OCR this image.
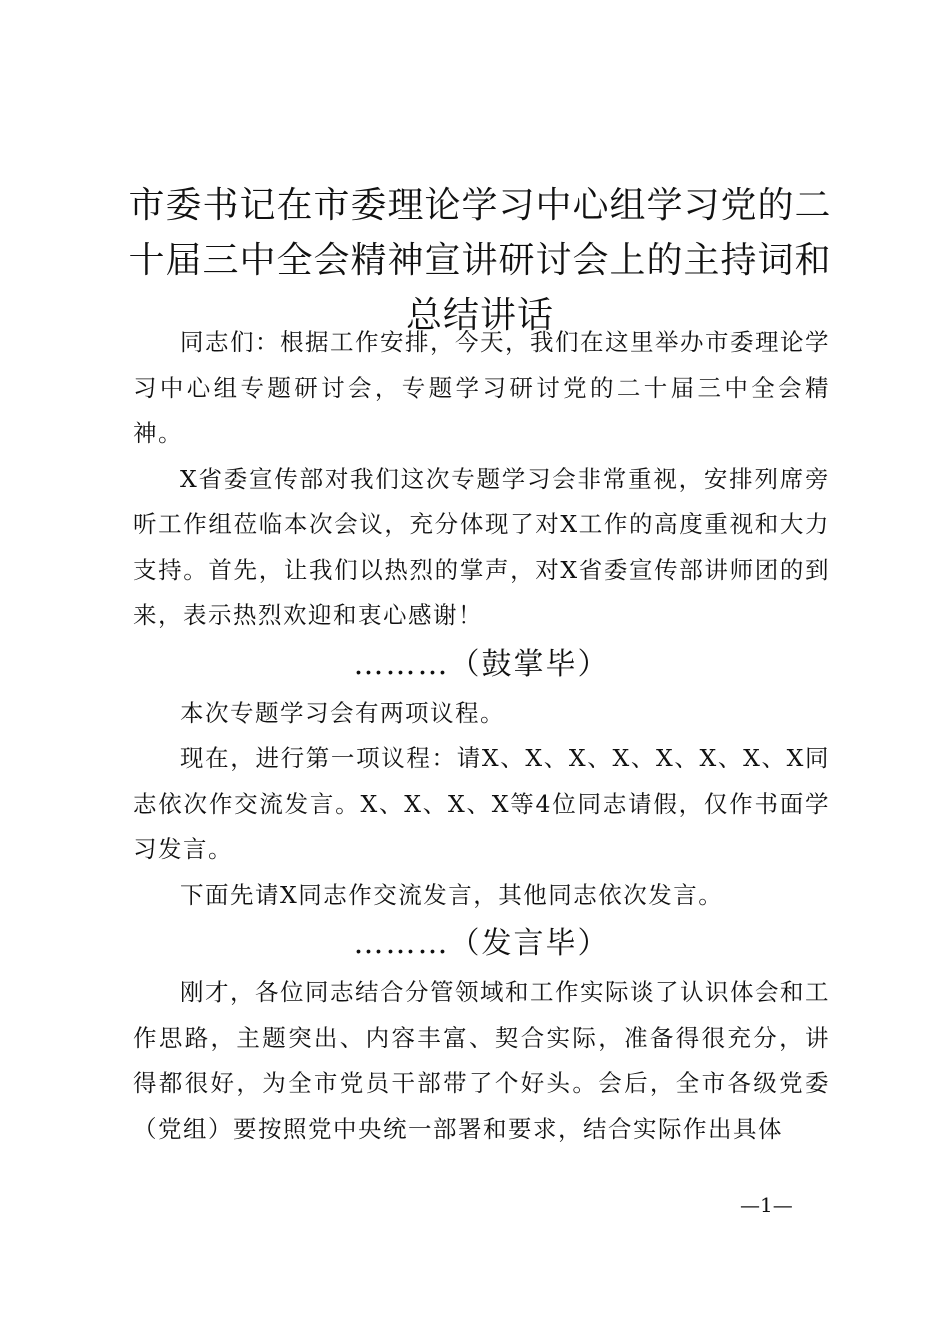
市委书记在市委理论学习中心组学习党的二十届三中全会精神宣讲研讨会上的主持词和总结讲话

同志们：根据工作安排，今天，我们在这里举办市委理论学习中心组专题研讨会，专题学习研讨党的二十届三中全会精神。

X省委宣传部对我们这次专题学习会非常重视，安排列席旁听工作组莅临本次会议，充分体现了对X工作的高度重视和大力支持。首先，让我们以热烈的掌声，对X省委宣传部讲师团的到来，表示热烈欢迎和衷心感谢！

………（鼓掌毕）

本次专题学习会有两项议程。

现在，进行第一项议程：请X、X、X、X、X、X、X、X同志依次作交流发言。X、X、X、X等4位同志请假，仅作书面学习发言。

下面先请X同志作交流发言，其他同志依次发言。

………（发言毕）

刚才，各位同志结合分管领域和工作实际谈了认识体会和工作思路，主题突出、内容丰富、契合实际，准备得很充分，讲得都很好，为全市党员干部带了个好头。会后，全市各级党委（党组）要按照党中央统一部署和要求，结合实际作出具体

—1—
